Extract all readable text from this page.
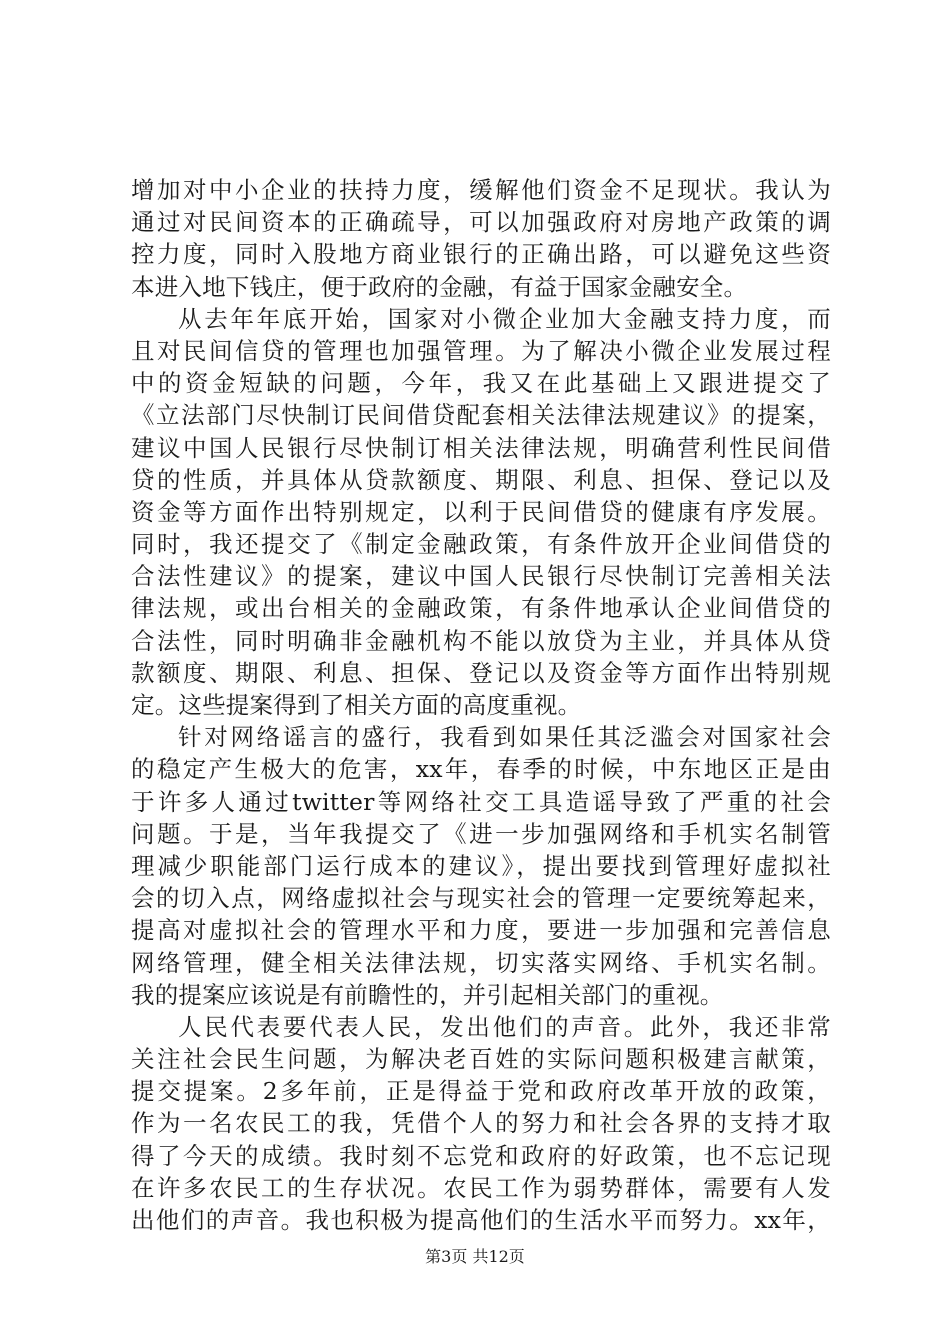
增加对中小企业的扶持力度，缓解他们资金不足现状。我认为
通过对民间资本的正确疏导，可以加强政府对房地产政策的调
控力度，同时入股地方商业银行的正确出路，可以避免这些资
本进入地下钱庄，便于政府的金融，有益于国家金融安全。
从去年年底开始，国家对小微企业加大金融支持力度，而
且对民间信贷的管理也加强管理。为了解决小微企业发展过程
中的资金短缺的问题，今年，我又在此基础上又跟进提交了
《立法部门尽快制订民间借贷配套相关法律法规建议》的提案，
建议中国人民银行尽快制订相关法律法规，明确营利性民间借
贷的性质，并具体从贷款额度、期限、利息、担保、登记以及
资金等方面作出特别规定，以利于民间借贷的健康有序发展。
同时，我还提交了《制定金融政策，有条件放开企业间借贷的
合法性建议》的提案，建议中国人民银行尽快制订完善相关法
律法规，或出台相关的金融政策，有条件地承认企业间借贷的
合法性，同时明确非金融机构不能以放贷为主业，并具体从贷
款额度、期限、利息、担保、登记以及资金等方面作出特别规
定。这些提案得到了相关方面的高度重视。
针对网络谣言的盛行，我看到如果任其泛滥会对国家社会
的稳定产生极大的危害，xx年，春季的时候，中东地区正是由
于许多人通过twitter等网络社交工具造谣导致了严重的社会
问题。于是，当年我提交了《进一步加强网络和手机实名制管
理减少职能部门运行成本的建议》，提出要找到管理好虚拟社
会的切入点，网络虚拟社会与现实社会的管理一定要统筹起来，
提高对虚拟社会的管理水平和力度，要进一步加强和完善信息
网络管理，健全相关法律法规，切实落实网络、手机实名制。
我的提案应该说是有前瞻性的，并引起相关部门的重视。
人民代表要代表人民，发出他们的声音。此外，我还非常
关注社会民生问题，为解决老百姓的实际问题积极建言献策，
提交提案。2多年前，正是得益于党和政府改革开放的政策，
作为一名农民工的我，凭借个人的努力和社会各界的支持才取
得了今天的成绩。我时刻不忘党和政府的好政策，也不忘记现
在许多农民工的生存状况。农民工作为弱势群体，需要有人发
出他们的声音。我也积极为提高他们的生活水平而努力。xx年，
第3页 共12页
